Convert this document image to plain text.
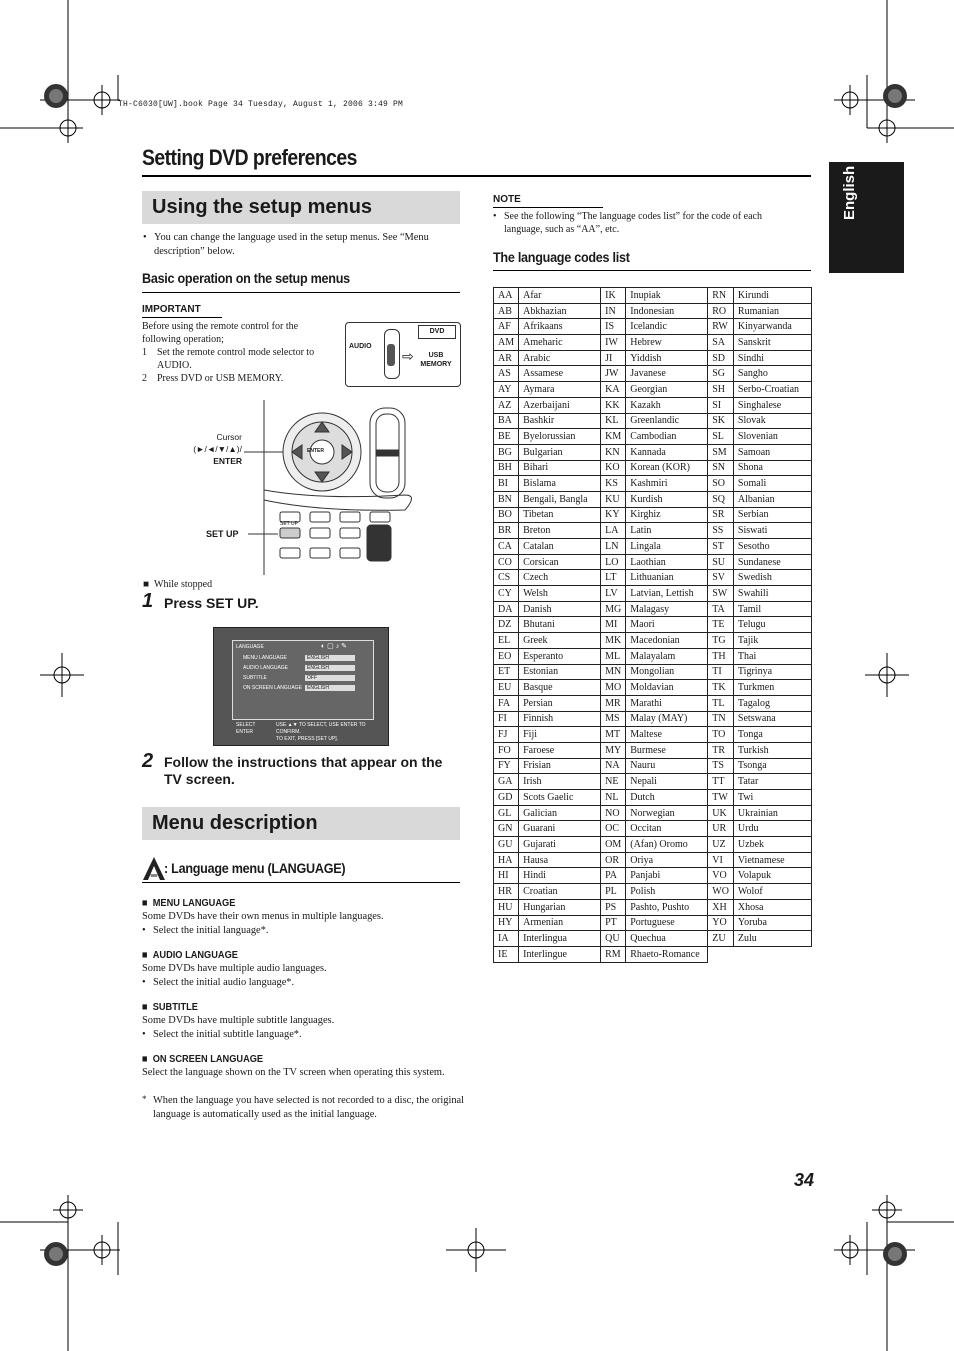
TH-C6030[UW].book Page 34 Tuesday, August 1, 2006 3:49 PM
Setting DVD preferences
English
Using the setup menus
• You can change the language used in the setup menus. See “Menu description” below.
Basic operation on the setup menus
IMPORTANT
Before using the remote control for the following operation;
1 Set the remote control mode selector to AUDIO.
2 Press DVD or USB MEMORY.
AUDIO
⇨
DVD
USB
MEMORY
ENTER
SET UP
Cursor
(►/◄/▼/▲)/
ENTER
SET UP
■ While stopped
1 Press SET UP.
LANGUAGE	◐ ▢ ♪ ✎
MENU LANGUAGE	ENGLISH
AUDIO LANGUAGE	ENGLISH
SUBTITLE	OFF
ON SCREEN LANGUAGE	ENGLISH
SELECT
ENTER
USE ▲▼ TO SELECT, USE ENTER TO CONFIRM.
TO EXIT, PRESS [SET UP].
2 Follow the instructions that appear on the TV screen.
Menu description
: Language menu (LANGUAGE)
■ MENU LANGUAGE
Some DVDs have their own menus in multiple languages.
• Select the initial language*.
■ AUDIO LANGUAGE
Some DVDs have multiple audio languages.
• Select the initial audio language*.
■ SUBTITLE
Some DVDs have multiple subtitle languages.
• Select the initial subtitle language*.
■ ON SCREEN LANGUAGE
Select the language shown on the TV screen when operating this system.
* When the language you have selected is not recorded to a disc, the original language is automatically used as the initial language.
NOTE
• See the following “The language codes list” for the code of each language, such as “AA”, etc.
The language codes list
AA	Afar	IK	Inupiak	RN	Kirundi
AB	Abkhazian	IN	Indonesian	RO	Rumanian
AF	Afrikaans	IS	Icelandic	RW	Kinyarwanda
AM	Ameharic	IW	Hebrew	SA	Sanskrit
AR	Arabic	JI	Yiddish	SD	Sindhi
AS	Assamese	JW	Javanese	SG	Sangho
AY	Aymara	KA	Georgian	SH	Serbo-Croatian
AZ	Azerbaijani	KK	Kazakh	SI	Singhalese
BA	Bashkir	KL	Greenlandic	SK	Slovak
BE	Byelorussian	KM	Cambodian	SL	Slovenian
BG	Bulgarian	KN	Kannada	SM	Samoan
BH	Bihari	KO	Korean (KOR)	SN	Shona
BI	Bislama	KS	Kashmiri	SO	Somali
BN	Bengali, Bangla	KU	Kurdish	SQ	Albanian
BO	Tibetan	KY	Kirghiz	SR	Serbian
BR	Breton	LA	Latin	SS	Siswati
CA	Catalan	LN	Lingala	ST	Sesotho
CO	Corsican	LO	Laothian	SU	Sundanese
CS	Czech	LT	Lithuanian	SV	Swedish
CY	Welsh	LV	Latvian, Lettish	SW	Swahili
DA	Danish	MG	Malagasy	TA	Tamil
DZ	Bhutani	MI	Maori	TE	Telugu
EL	Greek	MK	Macedonian	TG	Tajik
EO	Esperanto	ML	Malayalam	TH	Thai
ET	Estonian	MN	Mongolian	TI	Tigrinya
EU	Basque	MO	Moldavian	TK	Turkmen
FA	Persian	MR	Marathi	TL	Tagalog
FI	Finnish	MS	Malay (MAY)	TN	Setswana
FJ	Fiji	MT	Maltese	TO	Tonga
FO	Faroese	MY	Burmese	TR	Turkish
FY	Frisian	NA	Nauru	TS	Tsonga
GA	Irish	NE	Nepali	TT	Tatar
GD	Scots Gaelic	NL	Dutch	TW	Twi
GL	Galician	NO	Norwegian	UK	Ukrainian
GN	Guarani	OC	Occitan	UR	Urdu
GU	Gujarati	OM	(Afan) Oromo	UZ	Uzbek
HA	Hausa	OR	Oriya	VI	Vietnamese
HI	Hindi	PA	Panjabi	VO	Volapuk
HR	Croatian	PL	Polish	WO	Wolof
HU	Hungarian	PS	Pashto, Pushto	XH	Xhosa
HY	Armenian	PT	Portuguese	YO	Yoruba
IA	Interlingua	QU	Quechua	ZU	Zulu
IE	Interlingue	RM	Rhaeto-Romance		
34
